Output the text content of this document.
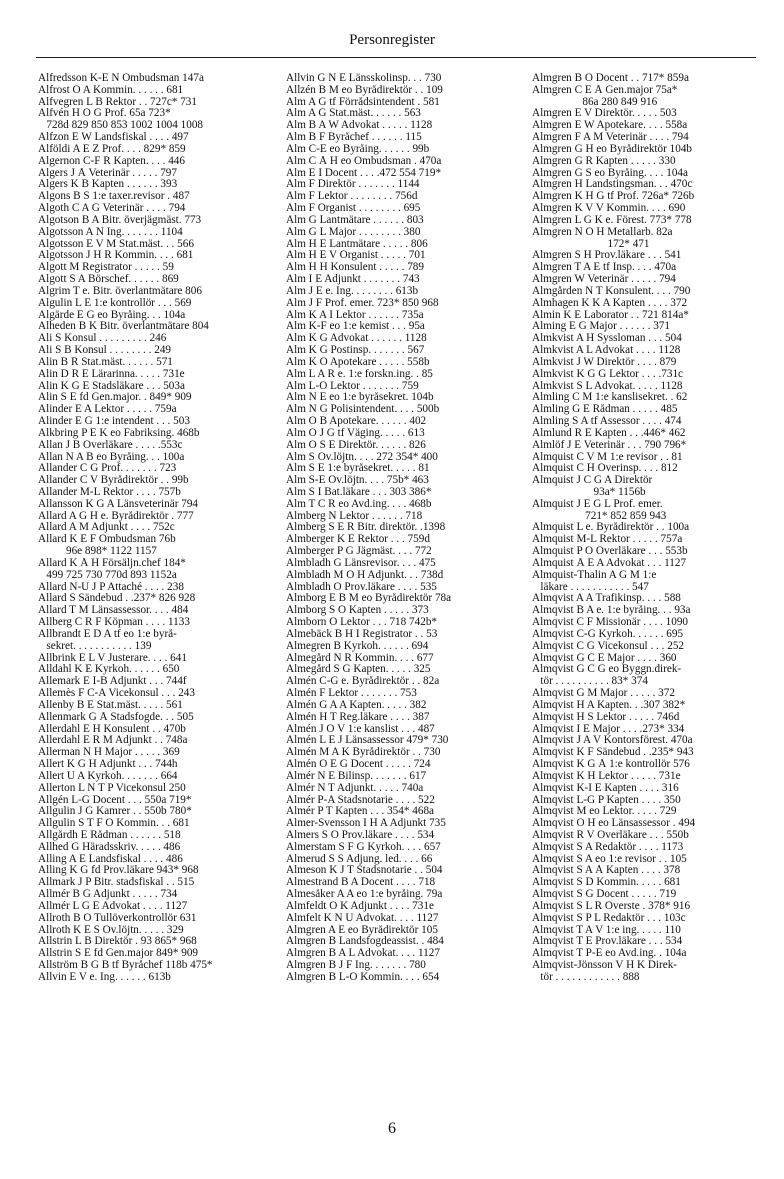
Personregister
Alfredsson K-E N Ombudsman 147a
Alfrost O A Kommin. . . . . . 681
Alfvegren L B Rektor . . 727c* 731
Alfvén H O G Prof. 65a 723*
728d 829 850 853 1002 1004 1008
Alfzon E W Landsfiskal . . . . 497
Alföldi A E Z Prof. . . . 829* 859
Algernon C-F R Kapten. . . . 446
Algers J Å Veterinär . . . . . 797
Algers K B Kapten . . . . . . 393
Algons B S 1:e taxer.revisor . 487
Algoth C A G Veterinär . . . . 794
Algotson B A Bitr. överjägmäst. 773
Algotsson A N Ing. . . . . . . 1104
Algotsson E V M Stat.mäst. . . 566
Algotsson J H R Kommin. . . . 681
Algott M Registrator . . . . . 59
Algott S A Börschef. . . . . . 869
Algrim T e. Bitr. överlantmätare 806
Algulin L E 1:e kontrollör . . . 569
Algärde E G eo Byråing. . . 104a
Alheden B K Bitr. överlantmätare 804
Ali S Konsul . . . . . . . . . 246
Ali S B Konsul . . . . . . . . 249
Alin B R Stat.mäst. . . . . . 571
Alin D R E Lärarinna. . . . . 731e
Alin K G E Stadsläkare . . . 503a
Alin S E fd Gen.major. . 849* 909
Alinder E A Lektor . . . . . 759a
Alinder E G 1:e intendent . . . 503
Alkbring P E K eo Fabriksing. 468b
Allan J B Överläkare . . . . .553c
Allan N A B eo Byråing. . . 100a
Allander C G Prof. . . . . . . 723
Allander C V Byrådirektör . . 99b
Allander M-L Rektor . . . . 757b
Allansson K G A Länsveterinär 794
Allard A G H e. Byrådirektör . 777
Allard A M Adjunkt . . . . 752c
Allard K E F Ombudsman 76b
96e 898* 1122 1157
Allard K Å H Försäljn.chef 184*
499 725 730 770d 893 1152a
Allard N-U J P Attaché . . . . 238
Allard S Sändebud . .237* 826 928
Allard T M Länsassessor. . . . 484
Allberg C R F Köpman . . . . 1133
Allbrandt E D A tf eo 1:e byrå-
sekret. . . . . . . . . . . 139
Allbrink E L V Justerare. . . . 641
Alldahl K E Kyrkoh. . . . . . 650
Allemark E I-B Adjunkt . . . 744f
Allemès F C-A Vicekonsul . . . 243
Allenby B E Stat.mäst. . . . . 561
Allenmark G Å Stadsfogde. . . 505
Allerdahl E H Konsulent . . 470b
Allerdahl E R M Adjunkt . . 748a
Allerman N H Major . . . . . 369
Allert K G H Adjunkt . . . 744h
Allert U A Kyrkoh. . . . . . . 664
Allerton L N T P Vicekonsul 250
Allgén L-G Docent . . . 550a 719*
Allgulin J G Kamrer . . 550b 780*
Allgulin S T F O Kommin. . . 681
Allgårdh E Rådman . . . . . . 518
Allhed G Häradsskriv. . . . . 486
Alling A E Landsfiskal . . . . 486
Alling K G fd Prov.läkare 943* 968
Allmark J P Bitr. stadsfiskal . . 515
Allmér B G Adjunkt . . . . . 734
Allmér L G E Advokat . . . . 1127
Allroth B O Tullöverkontrollör 631
Allroth K E S Öv.löjtn. . . . . 329
Allstrin L B Direktör . 93 865* 968
Allstrin S E fd Gen.major 849* 909
Allström B G B tf Byråchef 118b 475*
Allvin E V e. Ing. . . . . . 613b
Allvin G N E Länsskolinsp. . . 730
Allzén B M eo Byrådirektör . . 109
Alm A G tf Förrådsintendent . 581
Alm A G Stat.mäst. . . . . . 563
Alm B A W Advokat . . . . . 1128
Alm B F Byråchef . . . . . . 115
Alm C-E eo Byråing. . . . . . 99b
Alm C Å H eo Ombudsman . 470a
Alm E I Docent . . . .472 554 719*
Alm F Direktör . . . . . . . 1144
Alm F Lektor . . . . . . . . 756d
Alm F Organist . . . . . . . . 695
Alm G Lantmätare . . . . . . 803
Alm G L Major . . . . . . . . 380
Alm H E Lantmätare . . . . . 806
Alm H E V Organist . . . . . 701
Alm H H Konsulent . . . . . 789
Alm I E Adjunkt . . . . . . . 743
Alm J E e. Ing. . . . . . . . 613b
Alm J F Prof. emer. 723* 850 968
Alm K A I Lektor . . . . . . 735a
Alm K-F eo 1:e kemist . . . 95a
Alm K G Advokat . . . . . . 1128
Alm K G Postinsp. . . . . . . 567
Alm K O Apotekare . . . . . 558b
Alm L A R e. 1:e forskn.ing. . 85
Alm L-O Lektor . . . . . . . 759
Alm N E eo 1:e byråsekret. 104b
Alm N G Polisintendent. . . . 500b
Alm O B Apotekare. . . . . . 402
Alm O J G tf Väging. . . . . 613
Alm O S E Direktör. . . . . . 826
Alm S Öv.löjtn. . . . 272 354* 400
Alm S E 1:e byråsekret. . . . . 81
Alm S-E Öv.löjtn. . . . 75b* 463
Alm S I Bat.läkare . . . 303 386*
Alm T C R eo Avd.ing. . . . 468b
Almberg N Lektor . . . . . . 718
Almberg S E R Bitr. direktör. .1398
Almberger K E Rektor . . . 759d
Almberger P G Jägmäst. . . . 772
Almbladh G Länsrevisor. . . . 475
Almbladh M O H Adjunkt. . . 738d
Almbladh O Prov.läkare . . . . 535
Almborg E B M eo Byrådirektör 78a
Almborg S O Kapten . . . . . 373
Almborn O Lektor . . . 718 742b*
Almebäck B H I Registrator . . 53
Almegren B Kyrkoh. . . . . . 694
Almegård N R Kommin. . . . 677
Almegård S G Kapten. . . . . 325
Almén C-G e. Byrådirektör . . 82a
Almén F Lektor . . . . . . . 753
Almén G A A Kapten. . . . . 382
Almén H T Reg.läkare . . . . 387
Almén J Ö V 1:e kanslist . . . 487
Almén L E J Länsassessor 479* 730
Almén M A K Byrådirektör . . 730
Almén O E G Docent . . . . . 724
Almér N E Bilinsp. . . . . . . 617
Almér N T Adjunkt. . . . . 740a
Almér P-A Stadsnotarie . . . . 522
Almér P T Kapten . . . 354* 468a
Almer-Svensson I H A Adjunkt 735
Almers S O Prov.läkare . . . . 534
Almerstam S F G Kyrkoh. . . . 657
Almerud S S Adjung. led. . . . 66
Almeson K J T Stadsnotarie . . 504
Almestrand B A Docent . . . . 718
Almesåker A A eo 1:e byråing. 79a
Almfeldt O K Adjunkt . . . . 731e
Almfelt K N U Advokat. . . . 1127
Almgren A E eo Byrådirektör 105
Almgren B Landsfogdeassist. . 484
Almgren B A L Advokat. . . . 1127
Almgren B J F Ing. . . . . . . 780
Almgren B L-O Kommin. . . . 654
Almgren B O Docent . . 717* 859a
Almgren C E Å Gen.major 75a*
86a 280 849 916
Almgren E V Direktör. . . . . 503
Almgren E W Apotekare. . . . 558a
Almgren F A M Veterinär . . . . 794
Almgren G H eo Byrådirektör 104b
Almgren G R Kapten . . . . . 330
Almgren G S eo Byråing. . . . 104a
Almgren H Landstingsman. . . 470c
Almgren K H G tf Prof. 726a* 726b
Almgren K V V Kommin. . . . 690
Almgren L G K e. Förest. 773* 778
Almgren N O H Metallarb. 82a
172* 471
Almgren S H Prov.läkare . . . 541
Almgren T A E tf Insp. . . . 470a
Almgren W Veterinär . . . . . 794
Almgården N T Konsulent. . . . 790
Almhagen K K A Kapten . . . . 372
Almin K E Laborator . . 721 814a*
Alming E G Major . . . . . . 371
Almkvist A H Syssloman . . . 504
Almkvist A L Advokat . . . . 1128
Almkvist J W Direktör . . . . 879
Almkvist K G G Lektor . . . .731c
Almkvist S L Advokat. . . . . 1128
Almling C M 1:e kanslisekret. . 62
Almling G E Rådman . . . . . 485
Almling S A tf Assessor . . . . 474
Almlund R E Kapten . . .446* 462
Almlöf J E Veterinär . . . 790 796*
Almquist C V M 1:e revisor . . 81
Almquist C H Överinsp. . . . 812
Almquist J C G A Direktör
93a* 1156b
Almquist J E G L Prof. emer.
721* 852 859 943
Almquist L e. Byrådirektör . . 100a
Almquist M-L Rektor . . . . . 757a
Almquist P O Överläkare . . . 553b
Almquist Å E A Advokat . . . 1127
Almquist-Thalin A G M 1:e
läkare . . . . . . . . . . . 547
Almqvist A A Trafikinsp. . . . 588
Almqvist B A e. 1:e byråing. . . 93a
Almqvist C F Missionär . . . . 1090
Almqvist C-G Kyrkoh. . . . . . 695
Almqvist C G Vicekonsul . . . 252
Almqvist G C E Major . . . . 360
Almqvist G C G eo Byggn.direk-
tör . . . . . . . . . . 83* 374
Almqvist G M Major . . . . . 372
Almqvist H A Kapten. . .307 382*
Almqvist H S Lektor . . . . . 746d
Almqvist I E Major . . . .273* 334
Almqvist J A V Kontorsförest. 470a
Almqvist K F Sändebud . .235* 943
Almqvist K G Å 1:e kontrollör 576
Almqvist K H Lektor . . . . . 731e
Almqvist K-I E Kapten . . . . 316
Almqvist L-G P Kapten . . . . 350
Almqvist M eo Lektor. . . . . 729
Almqvist O H eo Länsassessor . 494
Almqvist R V Överläkare . . . 550b
Almqvist S A Redaktör . . . . 1173
Almqvist S A eo 1:e revisor . . 105
Almqvist S A Å Kapten . . . . 378
Almqvist S D Kommin. . . . . 681
Almqvist S G Docent . . . . . 719
Almqvist S L R Överste . 378* 916
Almqvist S P L Redaktör . . . 103c
Almqvist T A V 1:e ing. . . . . 110
Almqvist T E Prov.läkare . . . 534
Almqvist T P-E eo Avd.ing. . 104a
Almqvist-Jönsson V H K Direk-
tör . . . . . . . . . . . . 888
6
